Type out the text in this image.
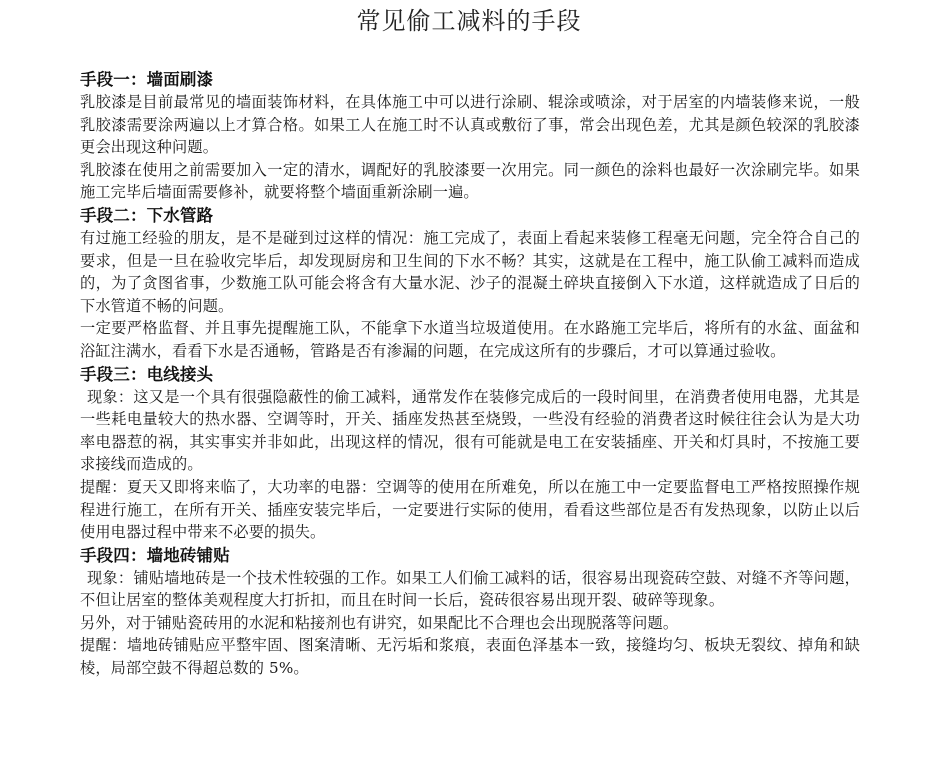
常见偷工减料的手段

手段一：墙面刷漆

乳胶漆是目前最常见的墙面装饰材料，在具体施工中可以进行涂刷、辊涂或喷涂，对于居室的内墙装修来说，一般乳胶漆需要涂两遍以上才算合格。如果工人在施工时不认真或敷衍了事，常会出现色差，尤其是颜色较深的乳胶漆更会出现这种问题。

乳胶漆在使用之前需要加入一定的清水，调配好的乳胶漆要一次用完。同一颜色的涂料也最好一次涂刷完毕。如果施工完毕后墙面需要修补，就要将整个墙面重新涂刷一遍。

手段二：下水管路

有过施工经验的朋友，是不是碰到过这样的情况：施工完成了，表面上看起来装修工程毫无问题，完全符合自己的要求，但是一旦在验收完毕后，却发现厨房和卫生间的下水不畅？其实，这就是在工程中，施工队偷工减料而造成的，为了贪图省事，少数施工队可能会将含有大量水泥、沙子的混凝土碎块直接倒入下水道，这样就造成了日后的下水管道不畅的问题。

一定要严格监督、并且事先提醒施工队，不能拿下水道当垃圾道使用。在水路施工完毕后，将所有的水盆、面盆和浴缸注满水，看看下水是否通畅，管路是否有渗漏的问题，在完成这所有的步骤后，才可以算通过验收。

手段三：电线接头

现象：这又是一个具有很强隐蔽性的偷工减料，通常发作在装修完成后的一段时间里，在消费者使用电器，尤其是一些耗电量较大的热水器、空调等时，开关、插座发热甚至烧毁，一些没有经验的消费者这时候往往会认为是大功率电器惹的祸，其实事实并非如此，出现这样的情况，很有可能就是电工在安装插座、开关和灯具时，不按施工要求接线而造成的。

提醒：夏天又即将来临了，大功率的电器：空调等的使用在所难免，所以在施工中一定要监督电工严格按照操作规程进行施工，在所有开关、插座安装完毕后，一定要进行实际的使用，看看这些部位是否有发热现象，以防止以后使用电器过程中带来不必要的损失。

手段四：墙地砖铺贴

现象：铺贴墙地砖是一个技术性较强的工作。如果工人们偷工减料的话，很容易出现瓷砖空鼓、对缝不齐等问题，不但让居室的整体美观程度大打折扣，而且在时间一长后，瓷砖很容易出现开裂、破碎等现象。

另外，对于铺贴瓷砖用的水泥和粘接剂也有讲究，如果配比不合理也会出现脱落等问题。

提醒：墙地砖铺贴应平整牢固、图案清晰、无污垢和浆痕，表面色泽基本一致，接缝均匀、板块无裂纹、掉角和缺棱，局部空鼓不得超总数的 5%。
